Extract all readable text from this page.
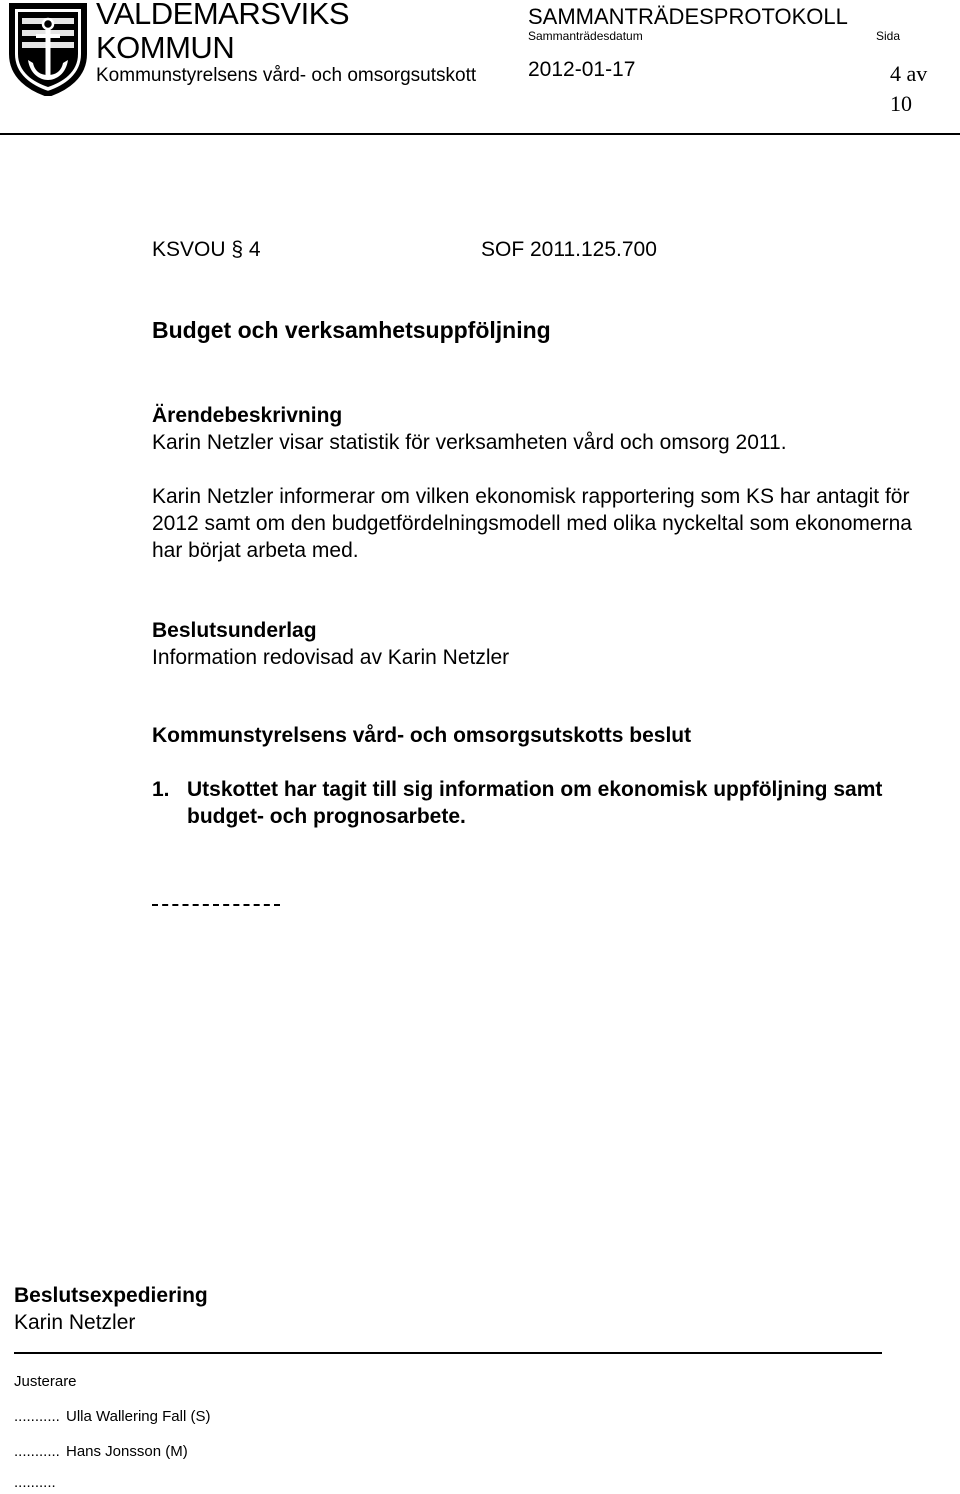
VALDEMARSVIKS
KOMMUN
Kommunstyrelsens vård- och omsorgsutskott
SAMMANTRÄDESPROTOKOLL
Sammanträdesdatum	Sida
2012-01-17	4 av 10
KSVOU § 4	SOF 2011.125.700
Budget och verksamhetsuppföljning
Ärendebeskrivning
Karin Netzler visar statistik för verksamheten vård och omsorg 2011.
Karin Netzler informerar om vilken ekonomisk rapportering som KS har antagit för 2012 samt om den budgetfördelningsmodell med olika nyckeltal som ekonomerna har börjat arbeta med.
Beslutsunderlag
Information redovisad av Karin Netzler
Kommunstyrelsens vård- och omsorgsutskotts beslut
1. Utskottet har tagit till sig information om ekonomisk uppföljning samt budget- och prognosarbete.
Beslutsexpediering
Karin Netzler
Justerare
........... Ulla Wallering Fall (S)
........... Hans Jonsson (M)
..........
